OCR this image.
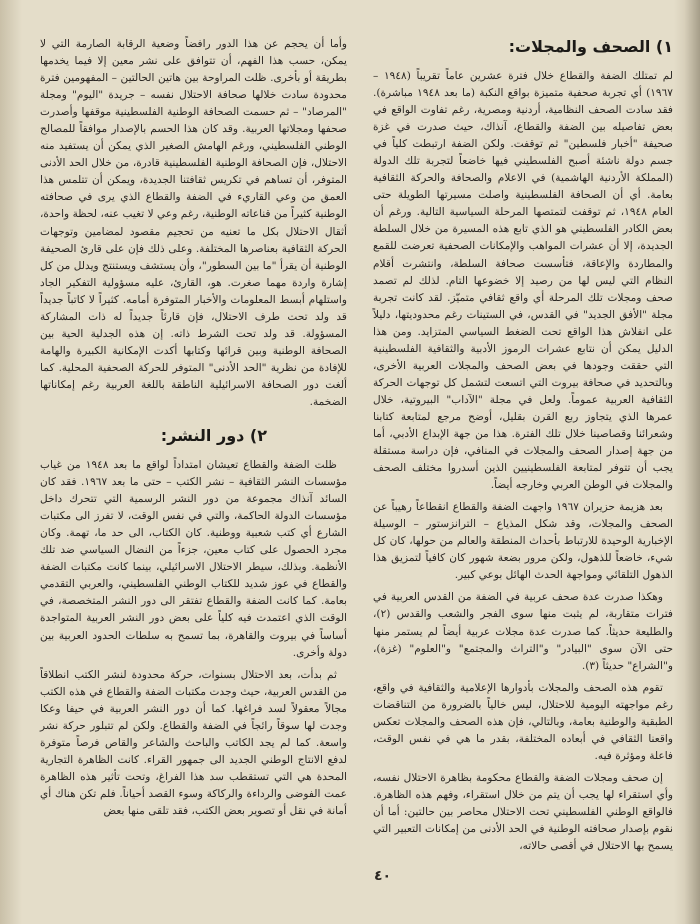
١) الصحف والمجلات:

لم تمتلك الضفة والقطاع خلال فترة عشرين عاماً تقريباً (١٩٤٨ – ١٩٦٧) أي تجربة صحفية متميزة بواقع النكبة (ما بعد ١٩٤٨ مباشرة). فقد سادت الصحف النظامية، أردنية ومصرية، رغم تفاوت الواقع في بعض تفاصيله بين الضفة والقطاع، آنذاك، حيث صدرت في غزة صحيفة "أخبار فلسطين" ثم توقفت. ولكن الضفة ارتبطت كلياً في جسم دولة ناشئة أصبح الفلسطيني فيها خاضعاً لتجربة تلك الدولة (المملكة الأردنية الهاشمية) في الاعلام والصحافة والحركة الثقافية بعامة. أي أن الصحافة الفلسطينية واصلت مسيرتها الطويلة حتى العام ١٩٤٨، ثم توقفت لتمتصها المرحلة السياسية التالية. ورغم أن بعض الكادر الفلسطيني هو الذي تابع هذه المسيرة من خلال السلطة الجديدة، إلا أن عشرات المواهب والإمكانات الصحفية تعرضت للقمع والمطاردة والإعاقة، فتأسست صحافة السلطة، وانتشرت أقلام النظام التي ليس لها من رصيد إلا خضوعها التام. لذلك لم تصمد صحف ومجلات تلك المرحلة أي واقع ثقافي متميّز. لقد كانت تجربة مجلة "الأفق الجديد" في القدس، في الستينات رغم محدوديتها، دليلاً على انفلاش هذا الواقع تحت الضغط السياسي المتزايد. ومن هذا الدليل يمكن أن نتابع عشرات الرموز الأدبية والثقافية الفلسطينية التي حققت وجودها في بعض الصحف والمجلات العربية الأخرى، وبالتحديد في صحافة بيروت التي اتسعت لتشمل كل توجهات الحركة الثقافية العربية عموماً. ولعل في مجلة "الآداب" البيروتية، خلال عمرها الذي يتجاوز ربع القرن بقليل، أوضح مرجع لمتابعة كتابنا وشعرائنا وقصاصينا خلال تلك الفترة. هذا من جهة الإبداع الأدبي، أما من جهة إصدار الصحف والمجلات في المنافي، فإن دراسة مستقلة يجب أن تتوفر لمتابعة الفلسطينيين الذين أسدروا مختلف الصحف والمجلات في الوطن العربي وخارجه أيضاً.

بعد هزيمة حزيران ١٩٦٧ واجهت الضفة والقطاع انقطاعاً رهيباً عن الصحف والمجلات، وقد شكل المذياع – الترانزستور – الوسيلة الإخبارية الوحيدة للارتباط بأحداث المنطقة والعالم من حولها، كان كل شيء، خاضعاً للذهول، ولكن مرور بضعة شهور كان كافياً لتمزيق هذا الذهول التلقائي ومواجهة الحدث الهائل بوعي كبير.

وهكذا صدرت عدة صحف عربية في الضفة من القدس العربية في فترات متقاربة، لم يثبت منها سوى الفجر والشعب والقدس (٢)، والطليعة حديثاً. كما صدرت عدة مجلات عربية أيضاً لم يستمر منها حتى الآن سوى "البيادر" و"التراث والمجتمع" و"العلوم" (غزة)، و"الشراع" حديثاً (٣).

تقوم هذه الصحف والمجلات بأدوارها الإعلامية والثقافية في واقع، رغم مواجهته اليومية للاحتلال، ليس خالياً بالضرورة من التناقضات الطبقية والوطنية بعامة، وبالتالي، فإن هذه الصحف والمجلات تعكس واقعنا الثقافي في أبعاده المختلفة، بقدر ما هي في نفس الوقت، فاعلة ومؤثرة فيه.

إن صحف ومجلات الضفة والقطاع محكومة بظاهرة الاحتلال نفسه، وأي استقراء لها يجب أن يتم من خلال استقراء، وفهم هذه الظاهرة. فالواقع الوطني الفلسطيني تحت الاحتلال محاصر بين حالتين: أما أن نقوم بإصدار صحافته الوطنية في الحد الأدنى من إمكانات التعبير التي يسمح بها الاحتلال في أقصى حالاته،

وأما أن يحجم عن هذا الدور رافضاً وضعية الرقابة الصارمة التي لا يمكن، حسب هذا الفهم، أن تتوافق على نشر معين إلا فيما يخدمها بطريقة أو بأخرى. ظلت المراوحة بين هاتين الحالتين – المفهومين فترة محدودة سادت خلالها صحافة الاحتلال نفسه – جريدة "اليوم" ومجلة "المرصاد" – ثم حسمت الصحافة الوطنية الفلسطينية موقفها وأصدرت صحفها ومجلاتها العربية. وقد كان هذا الحسم بالإصدار موافقاً للمصالح الوطني الفلسطيني، ورغم الهامش الصغير الذي يمكن أن يستفيد منه الاحتلال، فإن الصحافة الوطنية الفلسطينية قادرة، من خلال الحد الأدنى المتوفر، أن تساهم في تكريس ثقافتنا الجديدة، ويمكن أن تتلمس هذا العمق من وعي القاريء في الضفة والقطاع الذي يرى في صحافته الوطنية كثيراً من قناعاته الوطنية، رغم وعي لا تغيب عنه، لحظة واحدة، أثقال الاحتلال بكل ما تعنيه من تحجيم مقصود لمضامين وتوجهات الحركة الثقافية بعناصرها المختلفة. وعلى ذلك فإن على قارئ الصحيفة الوطنية أن يقرأ "ما بين السطور"، وأن يستشف ويستنتج ويدلل من كل إشارة واردة مهما صغرت. هو، القارئ، عليه مسؤولية التفكير الجاد واستلهام أبسط المعلومات والأخبار المتوفرة أمامه. كثيراً لا كاتباً جديداً قد ولد تحت طرف الاحتلال، فإن قارئاً جديداً له ذات المشاركة المسؤولة. قد ولد تحت الشرط ذاته. إن هذه الجدلية الحية بين الصحافة الوطنية وبين قرائها وكتابها أكدت الإمكانية الكبيرة والهامة للإفادة من نظرية "الحد الأدنى" المتوفر للحركة الصحفية المحلية. كما ألغت دور الصحافة الاسرائيلية الناطقة باللغة العربية رغم إمكاناتها الضخمة.

٢) دور النشر:

ظلت الضفة والقطاع تعيشان امتداداً لواقع ما بعد ١٩٤٨ من غياب مؤسسات النشر الثقافية – نشر الكتب – حتى ما بعد ١٩٦٧. فقد كان السائد آنذاك مجموعة من دور النشر الرسمية التي تتحرك داخل مؤسسات الدولة الحاكمة، والتي في نفس الوقت، لا تفرز الى مكتبات الشارع أي كتب شعبية ووطنية. كان الكتاب، الى حد ما، تهمة. وكان مجرد الحصول على كتاب معين، جزءاً من النضال السياسي ضد تلك الأنظمة. وبذلك، سيطر الاحتلال الاسرائيلي، بينما كانت مكتبات الضفة والقطاع في عوز شديد للكتاب الوطني الفلسطيني، والعربي التقدمي بعامة. كما كانت الضفة والقطاع تفتقر الى دور النشر المتخصصة، في الوقت الذي اعتمدت فيه كلياً على بعض دور النشر العربية المتواجدة أساساً في بيروت والقاهرة، بما تسمح به سلطات الحدود العربية بين دولة وأخرى.

ثم بدأت، بعد الاحتلال بسنوات، حركة محدودة لنشر الكتب انطلاقاً من القدس العربية، حيث وجدت مكتبات الضفة والقطاع في هذه الكتب مجالاً معقولاً لسد فراغها. كما أن دور النشر العربية في حيفا وعكا وجدت لها سوقاً رائجاً في الضفة والقطاع. ولكن لم تتبلور حركة نشر واسعة. كما لم يجد الكاتب والباحث والشاعر والقاص فرصاً متوفرة لدفع الانتاج الوطني الجديد الى جمهور القراء. كانت الظاهرة التجارية المحدة هي التي تستقطب سد هذا الفراغ، وتحت تأثير هذه الظاهرة عمت الفوضى والرداءة والركاكة وسوء القصد أحياناً. فلم تكن هناك أي أمانة في نقل أو تصوير بعض الكتب، فقد تلقى منها بعض

٤٠
